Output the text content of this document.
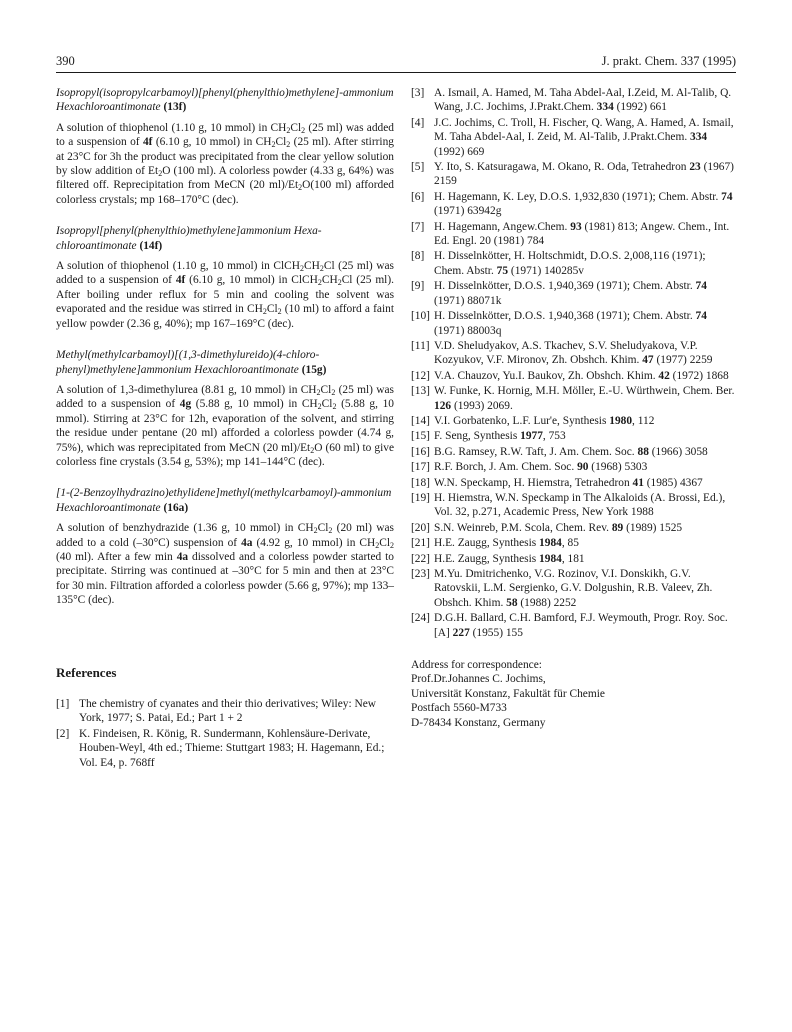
390	J. prakt. Chem. 337 (1995)
Isopropyl(isopropylcarbamoyl)[phenyl(phenylthio)methylene]-ammonium Hexachloroantimonate (13f)
A solution of thiophenol (1.10 g, 10 mmol) in $CH_2Cl_2$ (25 ml) was added to a suspension of 4f (6.10 g, 10 mmol) in $CH_2Cl_2$ (25 ml). After stirring at 23°C for 3h the product was precipitated from the clear yellow solution by slow addition of $Et_2O$ (100 ml). A colorless powder (4.33 g, 64%) was filtered off. Reprecipitation from MeCN (20 $ml)/Et_2O(100$ ml) afforded colorless crystals; mp 168–170°C (dec).
Isopropyl[phenyl(phenylthio)methylene]ammonium Hexa-chloroantimonate (14f)
A solution of thiophenol (1.10 g, 10 mmol) in $ClCH_2CH_2Cl$ (25 ml) was added to a suspension of 4f (6.10 g, 10 mmol) in $ClCH_2CH_2Cl$ (25 ml). After boiling under reflux for 5 min and cooling the solvent was evaporated and the residue was stirred in $CH_2Cl_2$ (10 ml) to afford a faint yellow powder (2.36 g, 40%); mp 167–169°C (dec).
Methyl(methylcarbamoyl)[(1,3-dimethylureido)(4-chloro-phenyl)methylene]ammonium Hexachloroantimonate (15g)
A solution of 1,3-dimethylurea (8.81 g, 10 mmol) in $CH_2Cl_2$ (25 ml) was added to a suspension of 4g (5.88 g, 10 mmol) in $CH_2Cl_2$ (5.88 g, 10 mmol). Stirring at 23°C for 12h, evaporation of the solvent, and stirring the residue under pentane (20 ml) afforded a colorless powder (4.74 g, 75%), which was reprecipitated from MeCN (20 $ml)/Et_2O$ (60 ml) to give colorless fine crystals (3.54 g, 53%); mp 141–144°C (dec).
[1-(2-Benzoylhydrazino)ethylidene]methyl(methylcarbamoyl)-ammonium Hexachloroantimonate (16a)
A solution of benzhydrazide (1.36 g, 10 mmol) in $CH_2Cl_2$ (20 ml) was added to a cold (–30°C) suspension of 4a (4.92 g, 10 mmol) in $CH_2Cl_2$ (40 ml). After a few min 4a dissolved and a colorless powder started to precipitate. Stirring was continued at –30°C for 5 min and then at 23°C for 30 min. Filtration afforded a colorless powder (5.66 g, 97%); mp 133–135°C (dec).
References
[1] The chemistry of cyanates and their thio derivatives; Wiley: New York, 1977; S. Patai, Ed.; Part 1 + 2
[2] K. Findeisen, R. König, R. Sundermann, Kohlensäure-Derivate, Houben-Weyl, 4th ed.; Thieme: Stuttgart 1983; H. Hagemann, Ed.; Vol. E4, p. 768ff
[3] A. Ismail, A. Hamed, M. Taha Abdel-Aal, I.Zeid, M. Al-Talib, Q. Wang, J.C. Jochims, J.Prakt.Chem. 334 (1992) 661
[4] J.C. Jochims, C. Troll, H. Fischer, Q. Wang, A. Hamed, A. Ismail, M. Taha Abdel-Aal, I. Zeid, M. Al-Talib, J.Prakt.Chem. 334 (1992) 669
[5] Y. Ito, S. Katsuragawa, M. Okano, R. Oda, Tetrahedron 23 (1967) 2159
[6] H. Hagemann, K. Ley, D.O.S. 1,932,830 (1971); Chem. Abstr. 74 (1971) 63942g
[7] H. Hagemann, Angew.Chem. 93 (1981) 813; Angew. Chem., Int. Ed. Engl. 20 (1981) 784
[8] H. Disselnkötter, H. Holtschmidt, D.O.S. 2,008,116 (1971); Chem. Abstr. 75 (1971) 140285v
[9] H. Disselnkötter, D.O.S. 1,940,369 (1971); Chem. Abstr. 74 (1971) 88071k
[10] H. Disselnkötter, D.O.S. 1,940,368 (1971); Chem. Abstr. 74 (1971) 88003q
[11] V.D. Sheludyakov, A.S. Tkachev, S.V. Sheludyakova, V.P. Kozyukov, V.F. Mironov, Zh. Obshch. Khim. 47 (1977) 2259
[12] V.A. Chauzov, Yu.I. Baukov, Zh. Obshch. Khim. 42 (1972) 1868
[13] W. Funke, K. Hornig, M.H. Möller, E.-U. Würthwein, Chem. Ber. 126 (1993) 2069.
[14] V.I. Gorbatenko, L.F. Lur'e, Synthesis 1980, 112
[15] F. Seng, Synthesis 1977, 753
[16] B.G. Ramsey, R.W. Taft, J. Am. Chem. Soc. 88 (1966) 3058
[17] R.F. Borch, J. Am. Chem. Soc. 90 (1968) 5303
[18] W.N. Speckamp, H. Hiemstra, Tetrahedron 41 (1985) 4367
[19] H. Hiemstra, W.N. Speckamp in The Alkaloids (A. Brossi, Ed.), Vol. 32, p.271, Academic Press, New York 1988
[20] S.N. Weinreb, P.M. Scola, Chem. Rev. 89 (1989) 1525
[21] H.E. Zaugg, Synthesis 1984, 85
[22] H.E. Zaugg, Synthesis 1984, 181
[23] M.Yu. Dmitrichenko, V.G. Rozinov, V.I. Donskikh, G.V. Ratovskii, L.M. Sergienko, G.V. Dolgushin, R.B. Valeev, Zh. Obshch. Khim. 58 (1988) 2252
[24] D.G.H. Ballard, C.H. Bamford, F.J. Weymouth, Progr. Roy. Soc. [A] 227 (1955) 155
Address for correspondence:
Prof.Dr.Johannes C. Jochims,
Universität Konstanz, Fakultät für Chemie
Postfach 5560-M733
D-78434 Konstanz, Germany
